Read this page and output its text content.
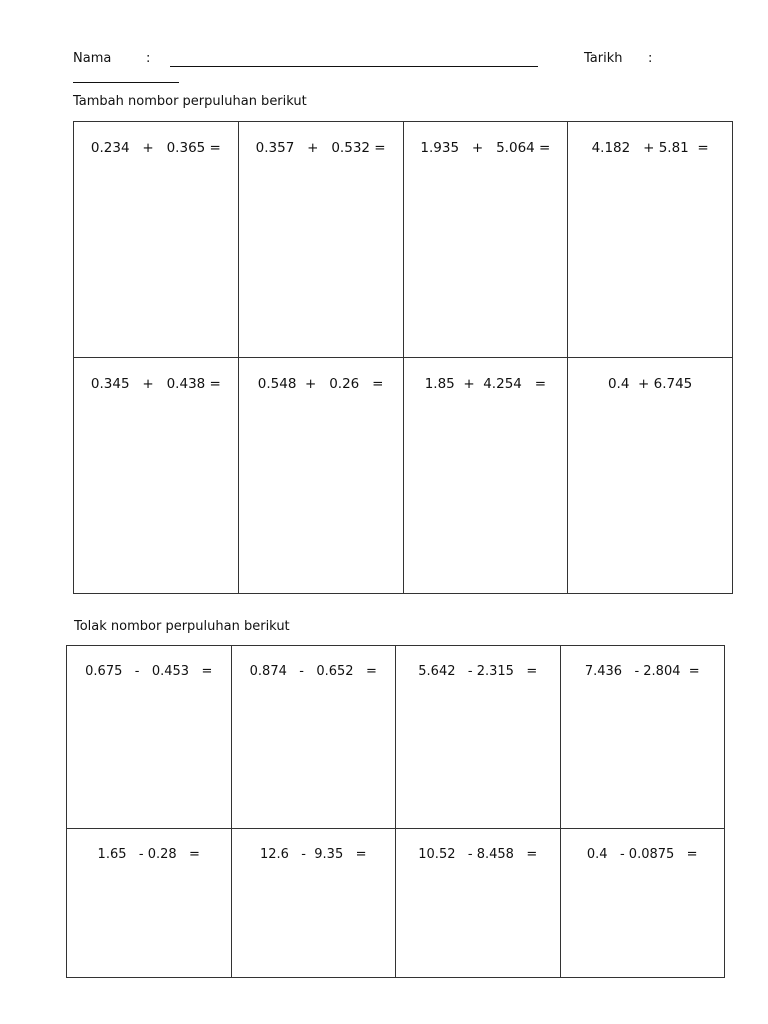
Nama	:	Tarikh :
Tambah nombor perpuluhan berikut
0.234   +   0.365 =	0.357   +   0.532 =	1.935   +   5.064 =	4.182   + 5.81  =

0.345   +   0.438 =	0.548  +   0.26   =	1.85  +  4.254   =	0.4  + 6.745
Tolak nombor perpuluhan berikut
0.675   -   0.453   =	0.874   -   0.652   =	5.642   - 2.315   =	7.436   - 2.804  =

1.65   - 0.28   =	12.6   -  9.35   =	10.52   - 8.458   =	0.4   - 0.0875   =
